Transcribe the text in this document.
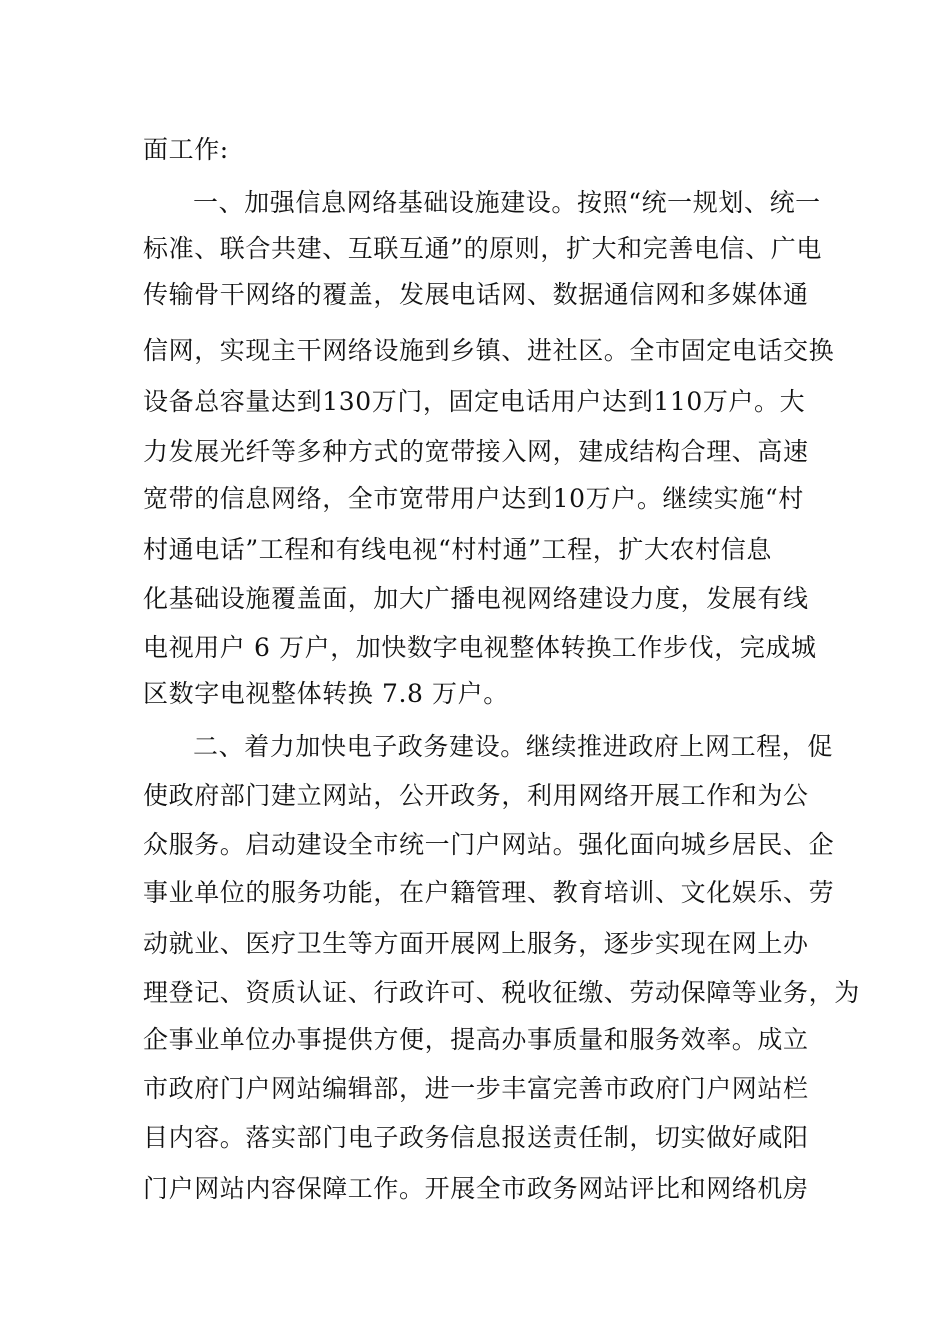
面工作:
一、加强信息网络基础设施建设。按照“统一规划、统一
标准、联合共建、互联互通”的原则，扩大和完善电信、广电
传输骨干网络的覆盖，发展电话网、数据通信网和多媒体通
信网，实现主干网络设施到乡镇、进社区。全市固定电话交换
设备总容量达到130万门，固定电话用户达到110万户。大
力发展光纤等多种方式的宽带接入网，建成结构合理、高速
宽带的信息网络，全市宽带用户达到10万户。继续实施“村
村通电话”工程和有线电视“村村通”工程，扩大农村信息
化基础设施覆盖面，加大广播电视网络建设力度，发展有线
电视用户 6 万户，加快数字电视整体转换工作步伐，完成城
区数字电视整体转换 7.8 万户。
二、着力加快电子政务建设。继续推进政府上网工程，促
使政府部门建立网站，公开政务，利用网络开展工作和为公
众服务。启动建设全市统一门户网站。强化面向城乡居民、企
事业单位的服务功能，在户籍管理、教育培训、文化娱乐、劳
动就业、医疗卫生等方面开展网上服务，逐步实现在网上办
理登记、资质认证、行政许可、税收征缴、劳动保障等业务，为
企事业单位办事提供方便，提高办事质量和服务效率。成立
市政府门户网站编辑部，进一步丰富完善市政府门户网站栏
目内容。落实部门电子政务信息报送责任制，切实做好咸阳
门户网站内容保障工作。开展全市政务网站评比和网络机房
